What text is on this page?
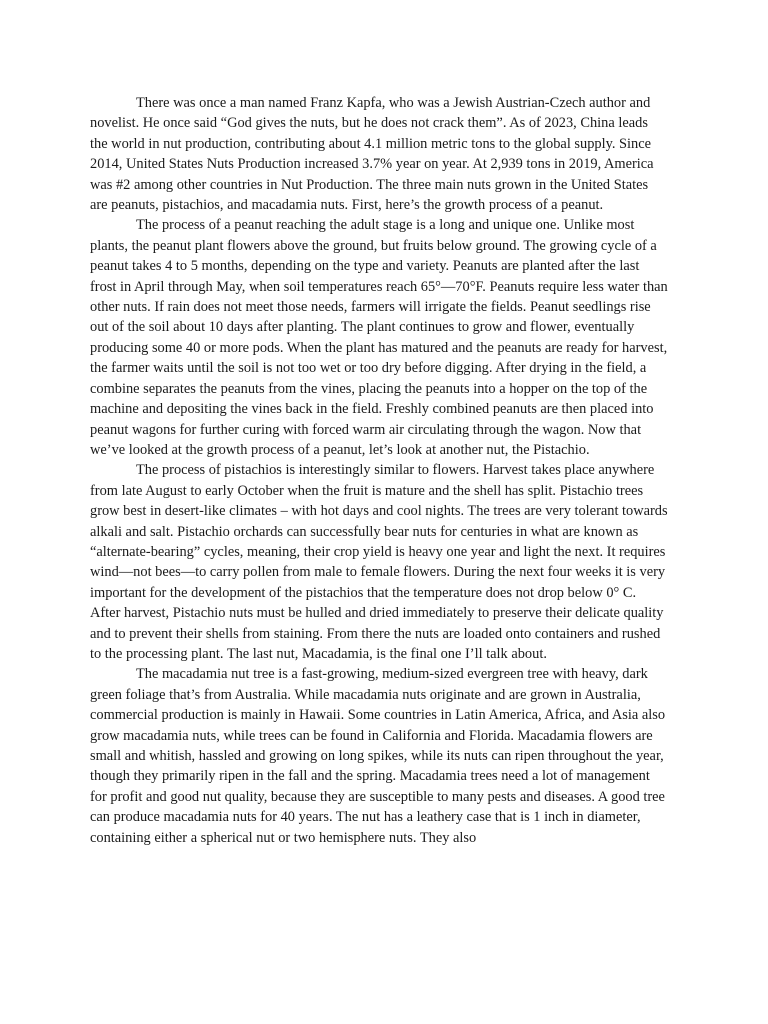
There was once a man named Franz Kapfa, who was a Jewish Austrian-Czech author and novelist. He once said “God gives the nuts, but he does not crack them”. As of 2023, China leads the world in nut production, contributing about 4.1 million metric tons to the global supply. Since 2014, United States Nuts Production increased 3.7% year on year. At 2,939 tons in 2019, America was #2 among other countries in Nut Production. The three main nuts grown in the United States are peanuts, pistachios, and macadamia nuts. First, here’s the growth process of a peanut.

The process of a peanut reaching the adult stage is a long and unique one. Unlike most plants, the peanut plant flowers above the ground, but fruits below ground. The growing cycle of a peanut takes 4 to 5 months, depending on the type and variety. Peanuts are planted after the last frost in April through May, when soil temperatures reach 65°—70°F. Peanuts require less water than other nuts. If rain does not meet those needs, farmers will irrigate the fields. Peanut seedlings rise out of the soil about 10 days after planting. The plant continues to grow and flower, eventually producing some 40 or more pods. When the plant has matured and the peanuts are ready for harvest, the farmer waits until the soil is not too wet or too dry before digging. After drying in the field, a combine separates the peanuts from the vines, placing the peanuts into a hopper on the top of the machine and depositing the vines back in the field. Freshly combined peanuts are then placed into peanut wagons for further curing with forced warm air circulating through the wagon. Now that we’ve looked at the growth process of a peanut, let’s look at another nut, the Pistachio.

The process of pistachios is interestingly similar to flowers. Harvest takes place anywhere from late August to early October when the fruit is mature and the shell has split. Pistachio trees grow best in desert-like climates – with hot days and cool nights. The trees are very tolerant towards alkali and salt. Pistachio orchards can successfully bear nuts for centuries in what are known as “alternate-bearing” cycles, meaning, their crop yield is heavy one year and light the next. It requires wind—not bees—to carry pollen from male to female flowers. During the next four weeks it is very important for the development of the pistachios that the temperature does not drop below 0° C. After harvest, Pistachio nuts must be hulled and dried immediately to preserve their delicate quality and to prevent their shells from staining. From there the nuts are loaded onto containers and rushed to the processing plant. The last nut, Macadamia, is the final one I’ll talk about.

The macadamia nut tree is a fast-growing, medium-sized evergreen tree with heavy, dark green foliage that’s from Australia. While macadamia nuts originate and are grown in Australia, commercial production is mainly in Hawaii. Some countries in Latin America, Africa, and Asia also grow macadamia nuts, while trees can be found in California and Florida. Macadamia flowers are small and whitish, hassled and growing on long spikes, while its nuts can ripen throughout the year, though they primarily ripen in the fall and the spring. Macadamia trees need a lot of management for profit and good nut quality, because they are susceptible to many pests and diseases. A good tree can produce macadamia nuts for 40 years. The nut has a leathery case that is 1 inch in diameter, containing either a spherical nut or two hemisphere nuts. They also
